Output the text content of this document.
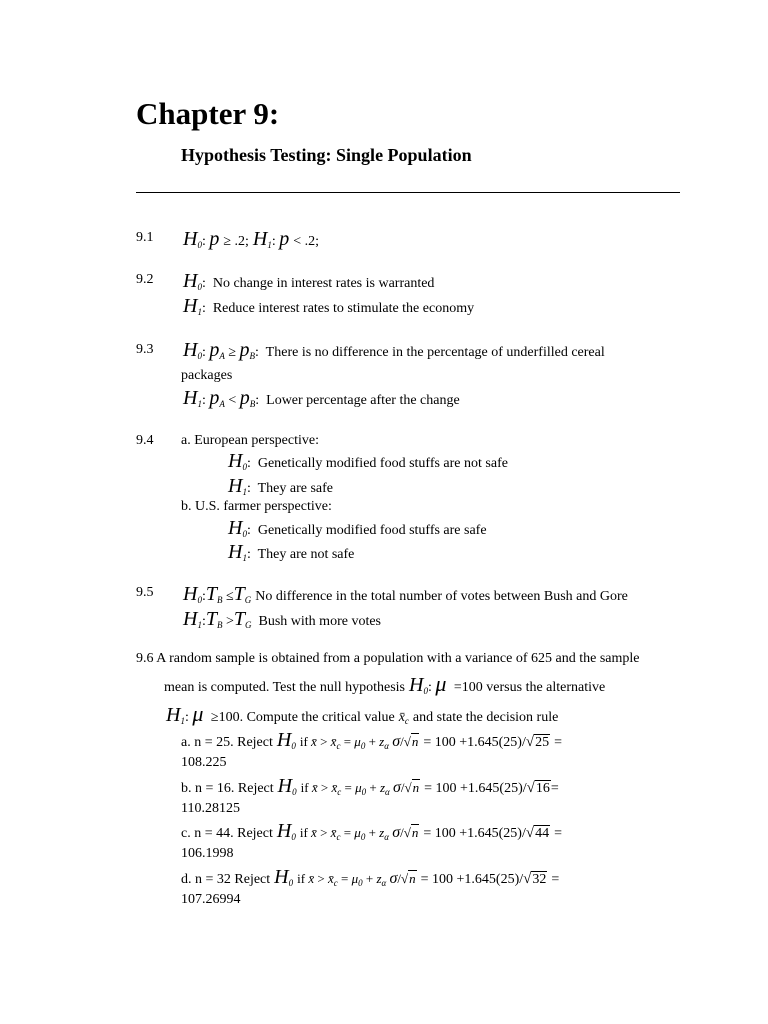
Chapter 9:
Hypothesis Testing: Single Population
9.1 $H_0$: p ≥ .2; $H_1$: p < .2;
9.2 $H_0$:  No change in interest rates is warranted
$H_1$:  Reduce interest rates to stimulate the economy
9.3 $H_0$: $p_A \ge p_B$:  There is no difference in the percentage of underfilled cereal
packages
$H_1$: $p_A < p_B$:  Lower percentage after the change
9.4 a. European perspective:
$H_0$:  Genetically modified food stuffs are not safe
$H_1$:  They are safe
b. U.S. farmer perspective:
$H_0$:  Genetically modified food stuffs are safe
$H_1$:  They are not safe
9.5 $H_0:T_B \le T_G$ No difference in the total number of votes between Bush and Gore
$H_1:T_B >T_G$ Bush with more votes
9.6 A random sample is obtained from a population with a variance of 625 and the sample
mean is computed. Test the null hypothesis $H_0$: μ =100 versus the alternative
$H_1$: μ ≥100. Compute the critical value $x̄_c$ and state the decision rule
a. n = 25. Reject $H_0$ if x̄ > $x̄_c = \mu_0 + z_\alpha$ σ/√n = 100 +1.645(25)/√25 =
108.225
b. n = 16. Reject $H_0$ if x̄ > $x̄_c = \mu_0 + z_\alpha$ σ/√n = 100 +1.645(25)/√16=
110.28125
c. n = 44. Reject $H_0$ if x̄ > $x̄_c = \mu_0 + z_\alpha$ σ/√n = 100 +1.645(25)/√44 =
106.1998
d. n = 32 Reject $H_0$ if x̄ > $x̄_c = \mu_0 + z_\alpha$ σ/√n = 100 +1.645(25)/√32 =
107.26994
